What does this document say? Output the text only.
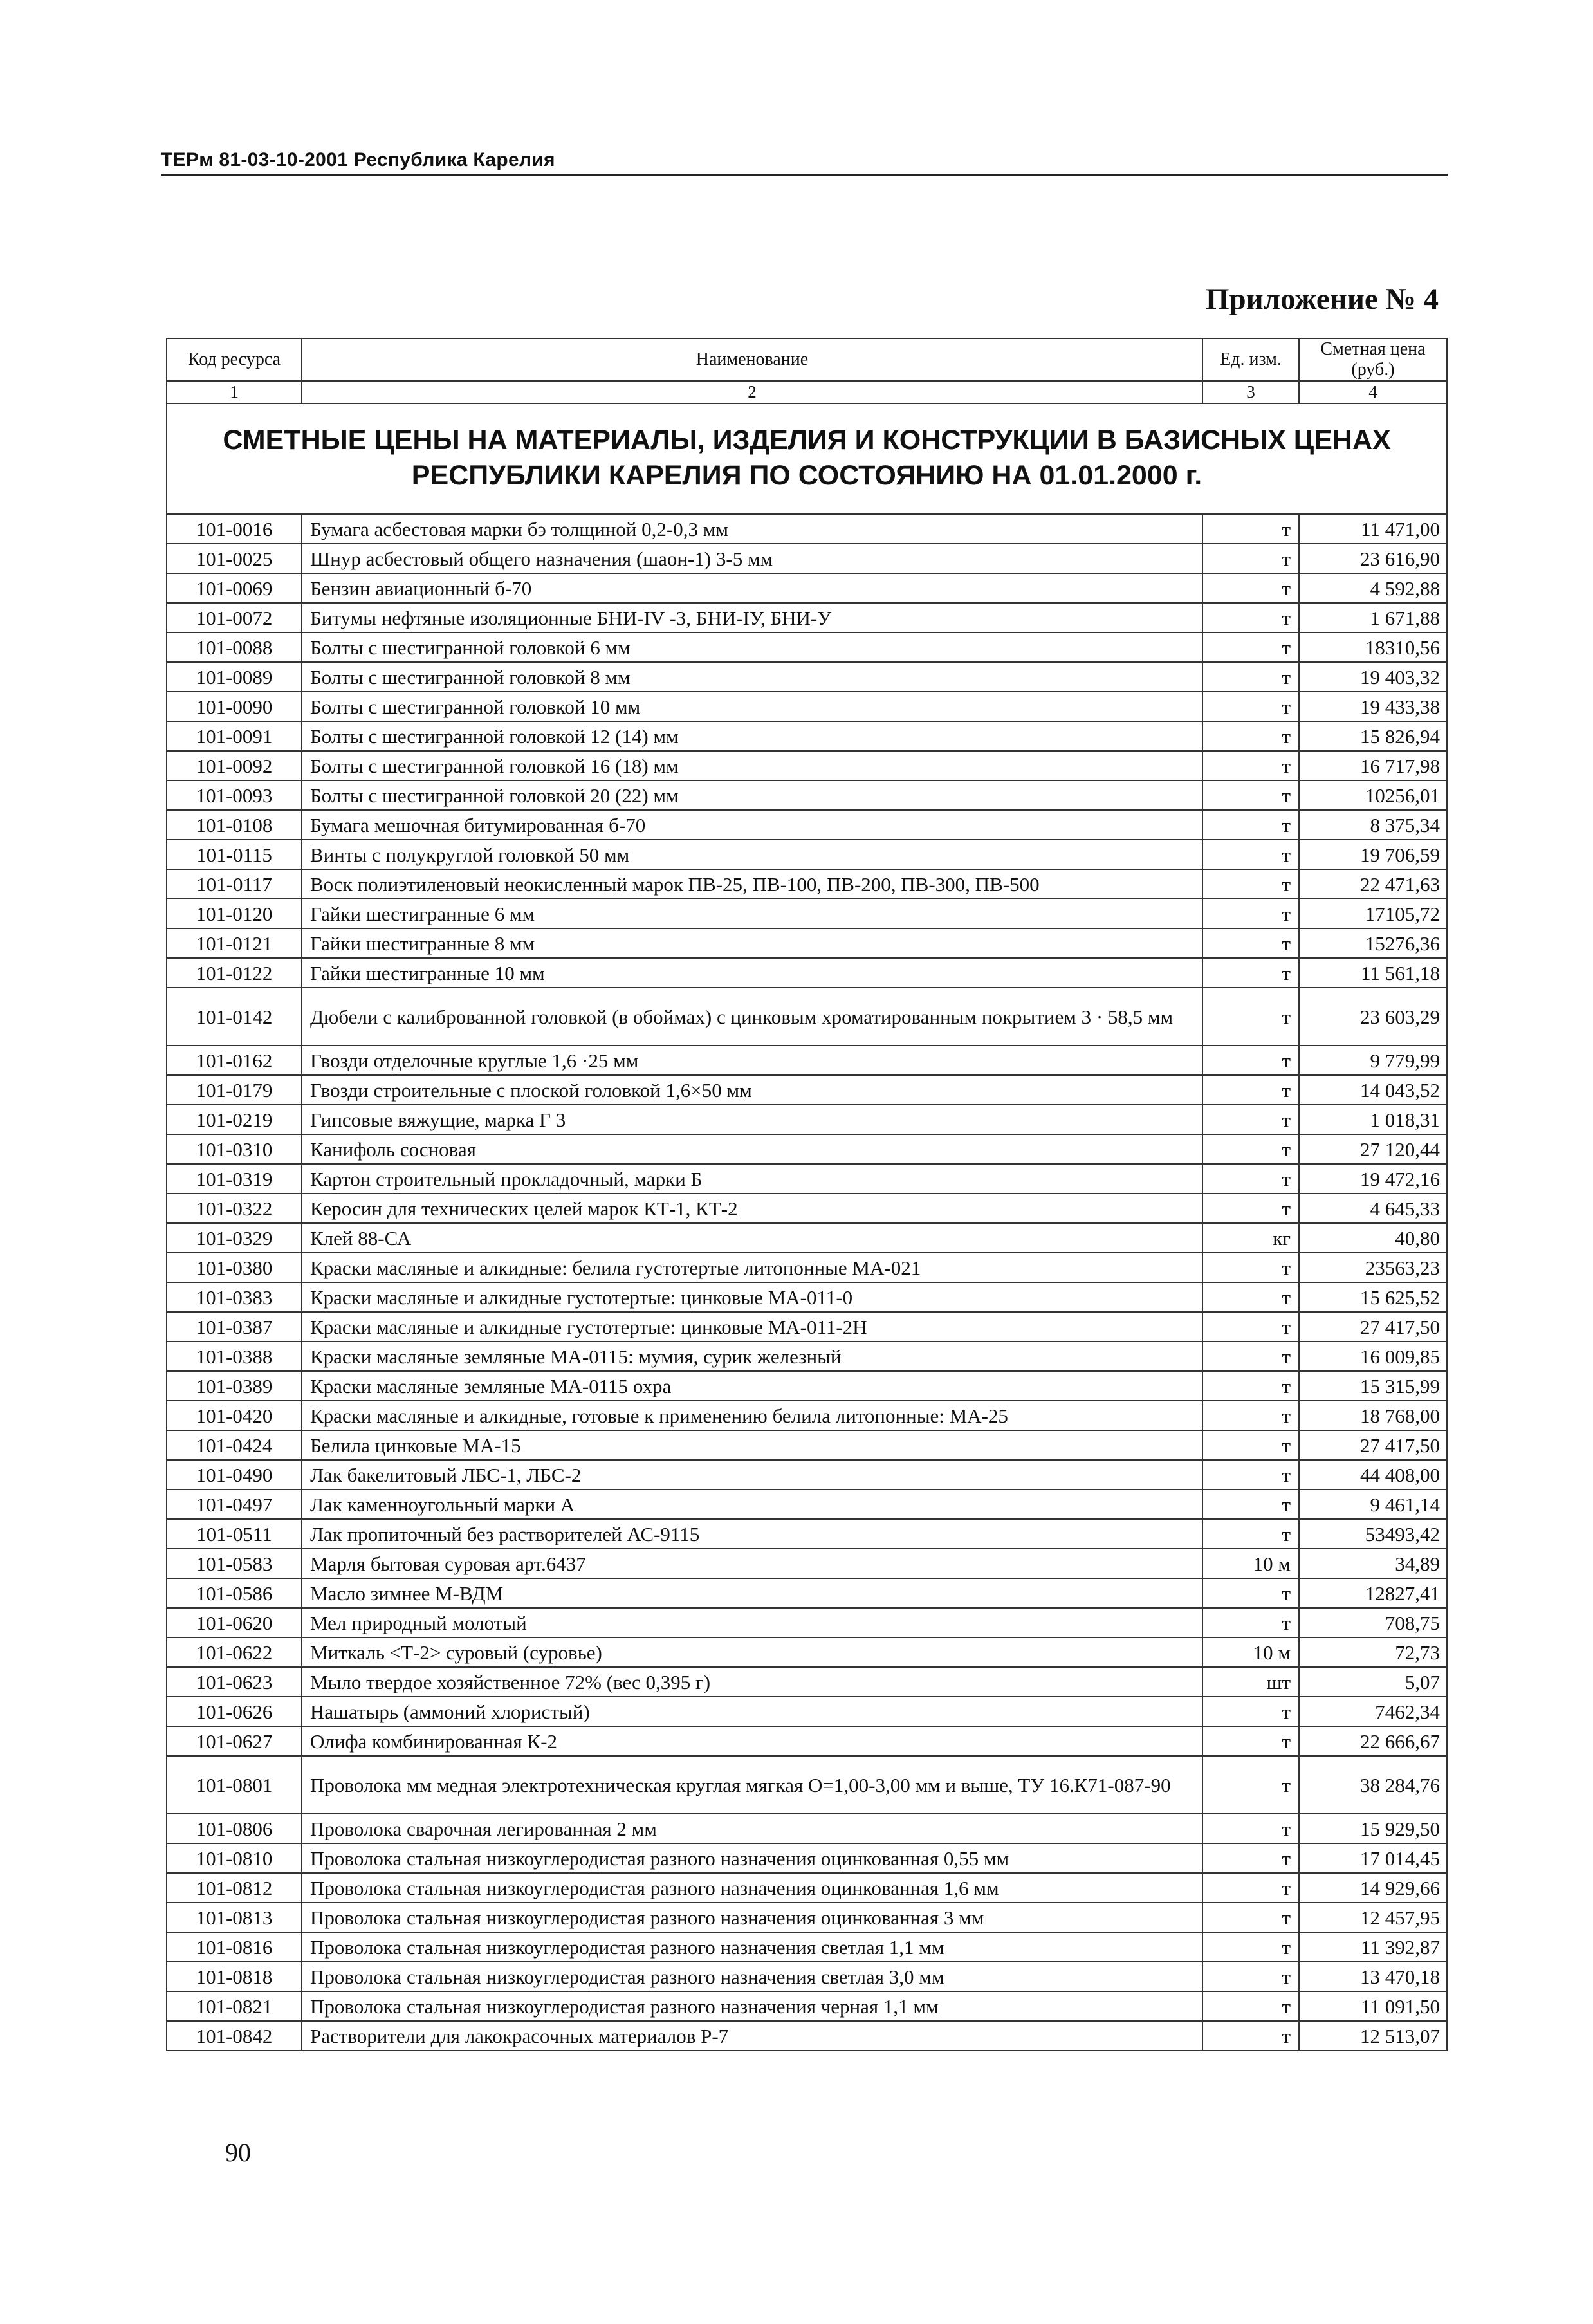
ТЕРм 81-03-10-2001 Республика Карелия
Приложение № 4
Код ресурса	Наименование	Ед. изм.	Сметная цена (руб.)
1	2	3	4
СМЕТНЫЕ ЦЕНЫ НА МАТЕРИАЛЫ, ИЗДЕЛИЯ И КОНСТРУКЦИИ В БАЗИСНЫХ ЦЕНАХ РЕСПУБЛИКИ КАРЕЛИЯ ПО СОСТОЯНИЮ НА 01.01.2000 г.			
101-0016	Бумага асбестовая марки бэ толщиной 0,2-0,3 мм	т	11 471,00
101-0025	Шнур асбестовый общего назначения (шаон-1) 3-5 мм	т	23 616,90
101-0069	Бензин авиационный б-70	т	4 592,88
101-0072	Битумы нефтяные изоляционные БНИ-IV -3, БНИ-IУ, БНИ-У	т	1 671,88
101-0088	Болты с шестигранной головкой 6 мм	т	18310,56
101-0089	Болты с шестигранной головкой 8 мм	т	19 403,32
101-0090	Болты с шестигранной головкой 10 мм	т	19 433,38
101-0091	Болты с шестигранной головкой 12 (14) мм	т	15 826,94
101-0092	Болты с шестигранной головкой 16 (18) мм	т	16 717,98
101-0093	Болты с шестигранной головкой 20 (22) мм	т	10256,01
101-0108	Бумага мешочная битумированная б-70	т	8 375,34
101-0115	Винты с полукруглой головкой 50 мм	т	19 706,59
101-0117	Воск полиэтиленовый неокисленный марок ПВ-25, ПВ-100, ПВ-200, ПВ-300, ПВ-500	т	22 471,63
101-0120	Гайки шестигранные 6 мм	т	17105,72
101-0121	Гайки шестигранные 8 мм	т	15276,36
101-0122	Гайки шестигранные 10 мм	т	11 561,18
101-0142	Дюбели с калиброванной головкой (в обоймах) с цинковым хроматированным покрытием 3 · 58,5 мм	т	23 603,29
101-0162	Гвозди отделочные круглые 1,6 ·25 мм	т	9 779,99
101-0179	Гвозди строительные с плоской головкой 1,6×50 мм	т	14 043,52
101-0219	Гипсовые вяжущие, марка Г 3	т	1 018,31
101-0310	Канифоль сосновая	т	27 120,44
101-0319	Картон строительный прокладочный, марки Б	т	19 472,16
101-0322	Керосин для технических целей марок КТ-1, КТ-2	т	4 645,33
101-0329	Клей 88-СА	кг	40,80
101-0380	Краски масляные и алкидные: белила густотертые литопонные МА-021	т	23563,23
101-0383	Краски масляные и алкидные густотертые: цинковые МА-011-0	т	15 625,52
101-0387	Краски масляные и алкидные густотертые: цинковые МА-011-2Н	т	27 417,50
101-0388	Краски масляные земляные МА-0115: мумия, сурик железный	т	16 009,85
101-0389	Краски масляные земляные МА-0115 охра	т	15 315,99
101-0420	Краски масляные и алкидные, готовые к применению белила литопонные: МА-25	т	18 768,00
101-0424	Белила цинковые МА-15	т	27 417,50
101-0490	Лак бакелитовый ЛБС-1, ЛБС-2	т	44 408,00
101-0497	Лак каменноугольный марки А	т	9 461,14
101-0511	Лак пропиточный без растворителей АС-9115	т	53493,42
101-0583	Марля бытовая суровая арт.6437	10 м	34,89
101-0586	Масло зимнее М-ВДМ	т	12827,41
101-0620	Мел природный молотый	т	708,75
101-0622	Миткаль <Т-2> суровый (суровье)	10 м	72,73
101-0623	Мыло твердое хозяйственное 72% (вес 0,395 г)	шт	5,07
101-0626	Нашатырь (аммоний хлористый)	т	7462,34
101-0627	Олифа комбинированная К-2	т	22 666,67
101-0801	Проволока мм медная электротехническая круглая мягкая О=1,00-3,00 мм и выше, ТУ 16.К71-087-90	т	38 284,76
101-0806	Проволока сварочная легированная 2 мм	т	15 929,50
101-0810	Проволока стальная низкоуглеродистая разного назначения оцинкованная 0,55 мм	т	17 014,45
101-0812	Проволока стальная низкоуглеродистая разного назначения оцинкованная 1,6 мм	т	14 929,66
101-0813	Проволока стальная низкоуглеродистая разного назначения оцинкованная 3 мм	т	12 457,95
101-0816	Проволока стальная низкоуглеродистая разного назначения светлая 1,1 мм	т	11 392,87
101-0818	Проволока стальная низкоуглеродистая разного назначения светлая 3,0 мм	т	13 470,18
101-0821	Проволока стальная низкоуглеродистая разного назначения черная 1,1 мм	т	11 091,50
101-0842	Растворители для лакокрасочных материалов Р-7	т	12 513,07
90
